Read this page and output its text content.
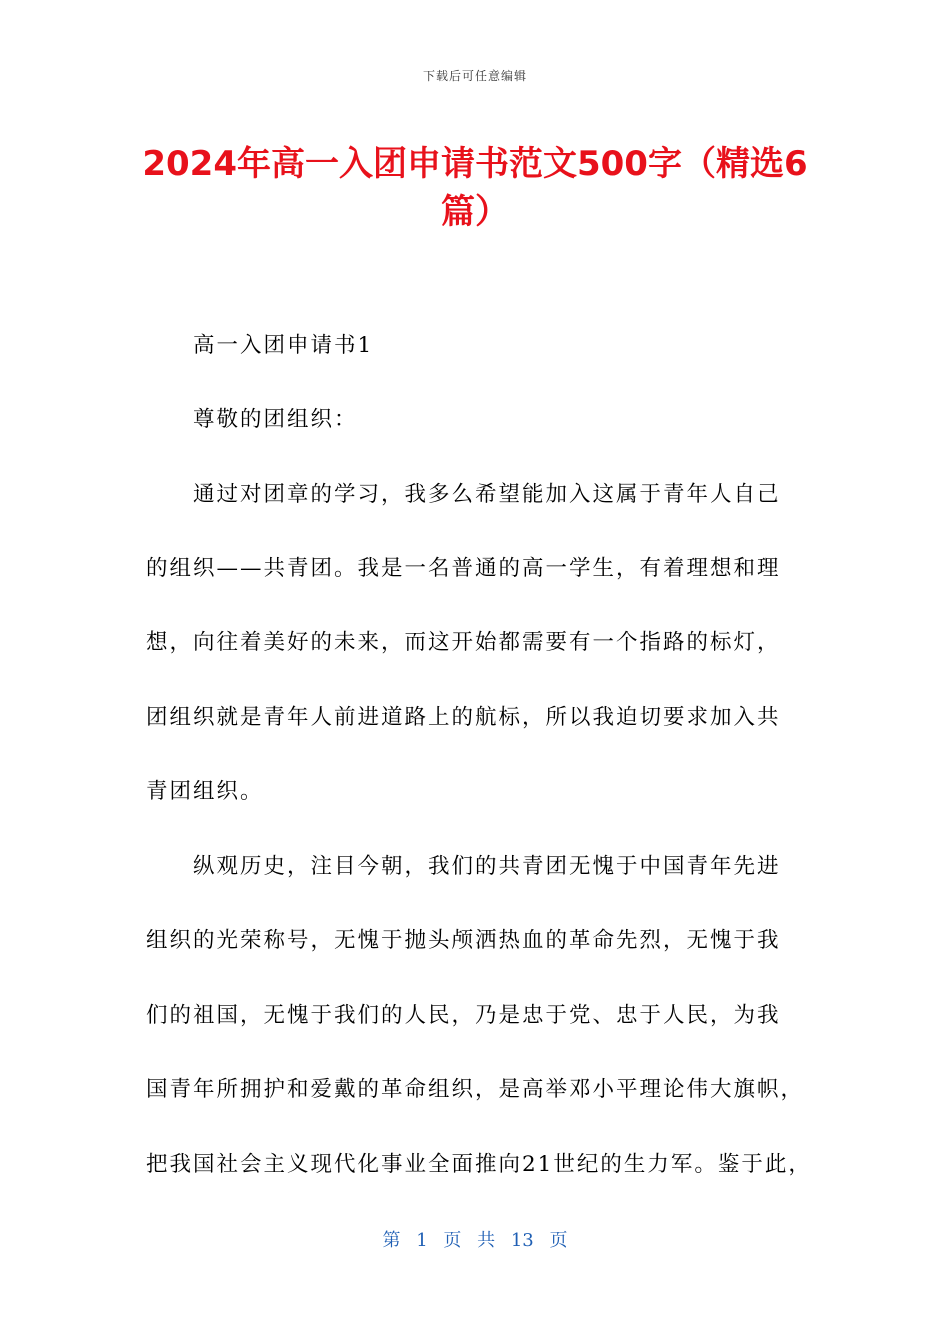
下载后可任意编辑
2024年高一入团申请书范文500字（精选6
篇）
高一入团申请书1
尊敬的团组织：
通过对团章的学习，我多么希望能加入这属于青年人自己
的组织——共青团。我是一名普通的高一学生，有着理想和理
想，向往着美好的未来，而这开始都需要有一个指路的标灯，
团组织就是青年人前进道路上的航标，所以我迫切要求加入共
青团组织。
纵观历史，注目今朝，我们的共青团无愧于中国青年先进
组织的光荣称号，无愧于抛头颅洒热血的革命先烈，无愧于我
们的祖国，无愧于我们的人民，乃是忠于党、忠于人民，为我
国青年所拥护和爱戴的革命组织，是高举邓小平理论伟大旗帜，
把我国社会主义现代化事业全面推向21世纪的生力军。鉴于此，
第 1 页 共 13 页
